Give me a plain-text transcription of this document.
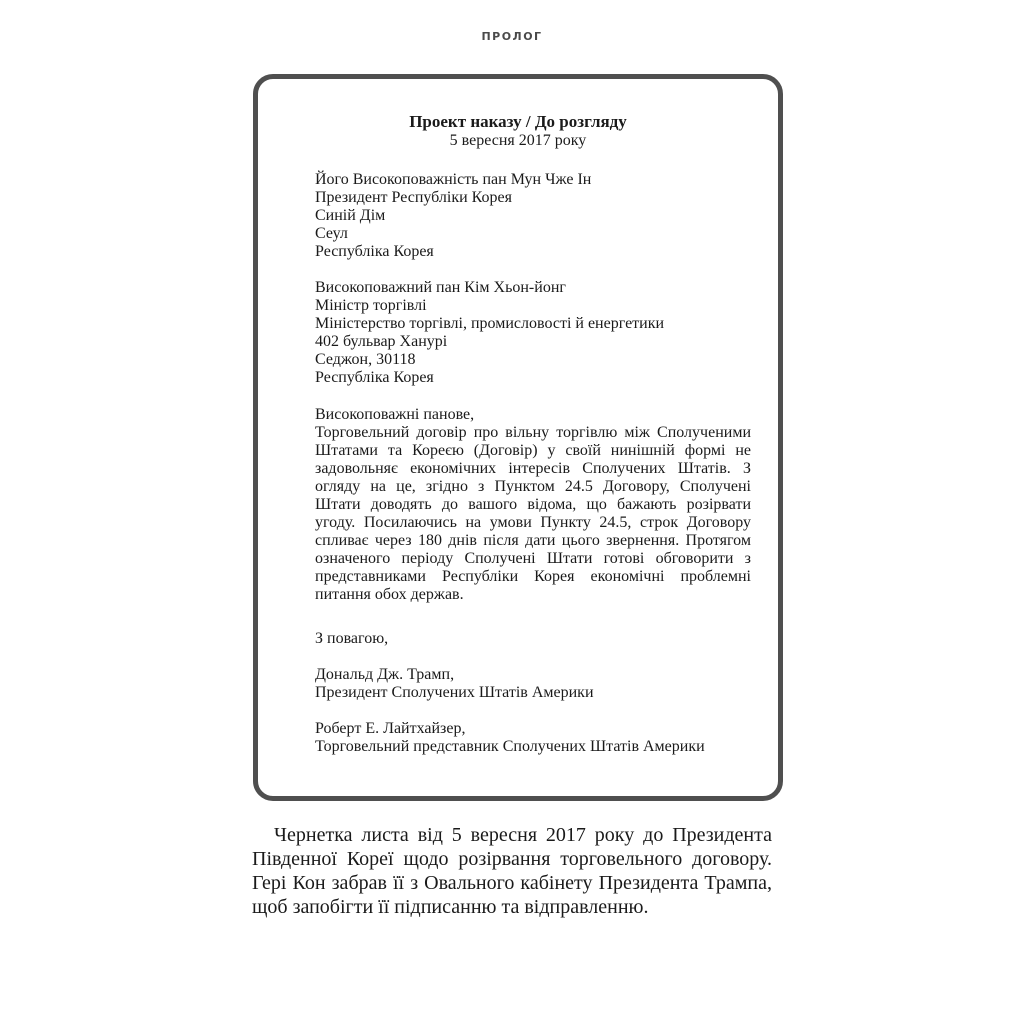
ПРОЛОГ
Проект наказу / До розгляду
5 вересня 2017 року
Його Високоповажність пан Мун Чже Ін
Президент Республіки Корея
Синій Дім
Сеул
Республіка Корея
Високоповажний пан Кім Хьон-йонг
Міністр торгівлі
Міністерство торгівлі, промисловості й енергетики
402 бульвар Ханурі
Седжон, 30118
Республіка Корея
Високоповажні панове,
Торговельний договір про вільну торгівлю між Сполученими Штатами та Кореєю (Договір) у своїй нинішній формі не задовольняє економічних інтересів Сполучених Штатів. З огляду на це, згідно з Пунктом 24.5 Договору, Сполучені Штати доводять до вашого відома, що бажають розірвати угоду. Посилаючись на умови Пункту 24.5, строк Договору спливає через 180 днів після дати цього звернення. Протягом означеного періоду Сполучені Штати готові обговорити з представниками Республіки Корея економічні проблемні питання обох держав.
З повагою,
Дональд Дж. Трамп,
Президент Сполучених Штатів Америки
Роберт Е. Лайтхайзер,
Торговельний представник Сполучених Штатів Америки
Чернетка листа від 5 вересня 2017 року до Президента Південної Кореї щодо розірвання торговельного договору. Гері Кон забрав її з Овального кабінету Президента Трампа, щоб запобігти її підписанню та відправленню.
